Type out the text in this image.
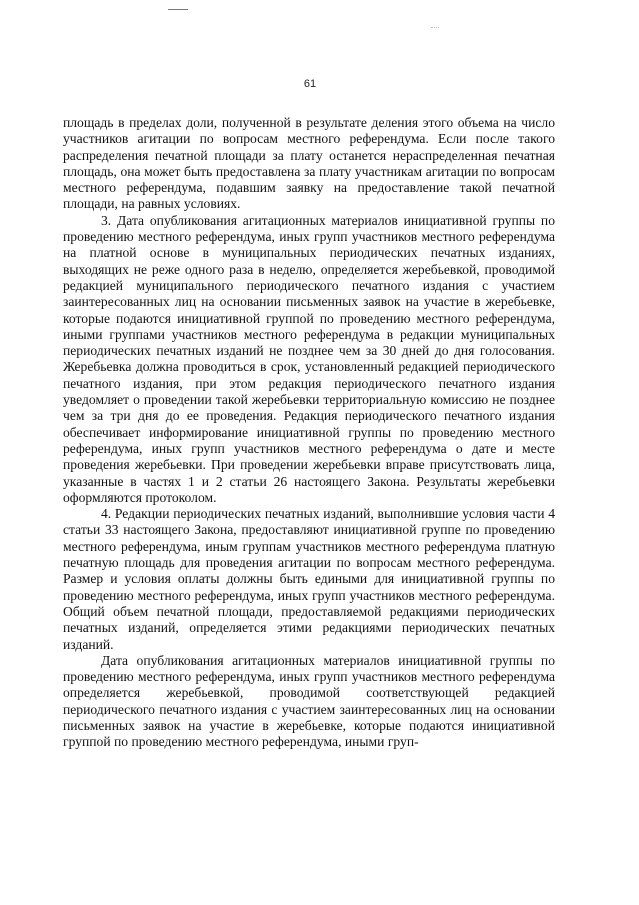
61

площадь в пределах доли, полученной в результате деления этого объема на число участников агитации по вопросам местного референдума. Если после такого распределения печатной площади за плату останется нераспределенная печатная площадь, она может быть предоставлена за плату участникам агитации по вопросам местного референдума, подавшим заявку на предоставление такой печатной площади, на равных условиях.

3. Дата опубликования агитационных материалов инициативной группы по проведению местного референдума, иных групп участников местного референдума на платной основе в муниципальных периодических печатных изданиях, выходящих не реже одного раза в неделю, определяется жеребьевкой, проводимой редакцией муниципального периодического печатного издания с участием заинтересованных лиц на основании письменных заявок на участие в жеребьевке, которые подаются инициативной группой по проведению местного референдума, иными группами участников местного референдума в редакции муниципальных периодических печатных изданий не позднее чем за 30 дней до дня голосования. Жеребьевка должна проводиться в срок, установленный редакцией периодического печатного издания, при этом редакция периодического печатного издания уведомляет о проведении такой жеребьевки территориальную комиссию не позднее чем за три дня до ее проведения. Редакция периодического печатного издания обеспечивает информирование инициативной группы по проведению местного референдума, иных групп участников местного референдума о дате и месте проведения жеребьевки. При проведении жеребьевки вправе присутствовать лица, указанные в частях 1 и 2 статьи 26 настоящего Закона. Результаты жеребьевки оформляются протоколом.

4. Редакции периодических печатных изданий, выполнившие условия части 4 статьи 33 настоящего Закона, предоставляют инициативной группе по проведению местного референдума, иным группам участников местного референдума платную печатную площадь для проведения агитации по вопросам местного референдума. Размер и условия оплаты должны быть едиными для инициативной группы по проведению местного референдума, иных групп участников местного референдума. Общий объем печатной площади, предоставляемой редакциями периодических печатных изданий, определяется этими редакциями периодических печатных изданий.

Дата опубликования агитационных материалов инициативной группы по проведению местного референдума, иных групп участников местного референдума определяется жеребьевкой, проводимой соответствующей редакцией периодического печатного издания с участием заинтересованных лиц на основании письменных заявок на участие в жеребьевке, которые подаются инициативной группой по проведению местного референдума, иными груп-
